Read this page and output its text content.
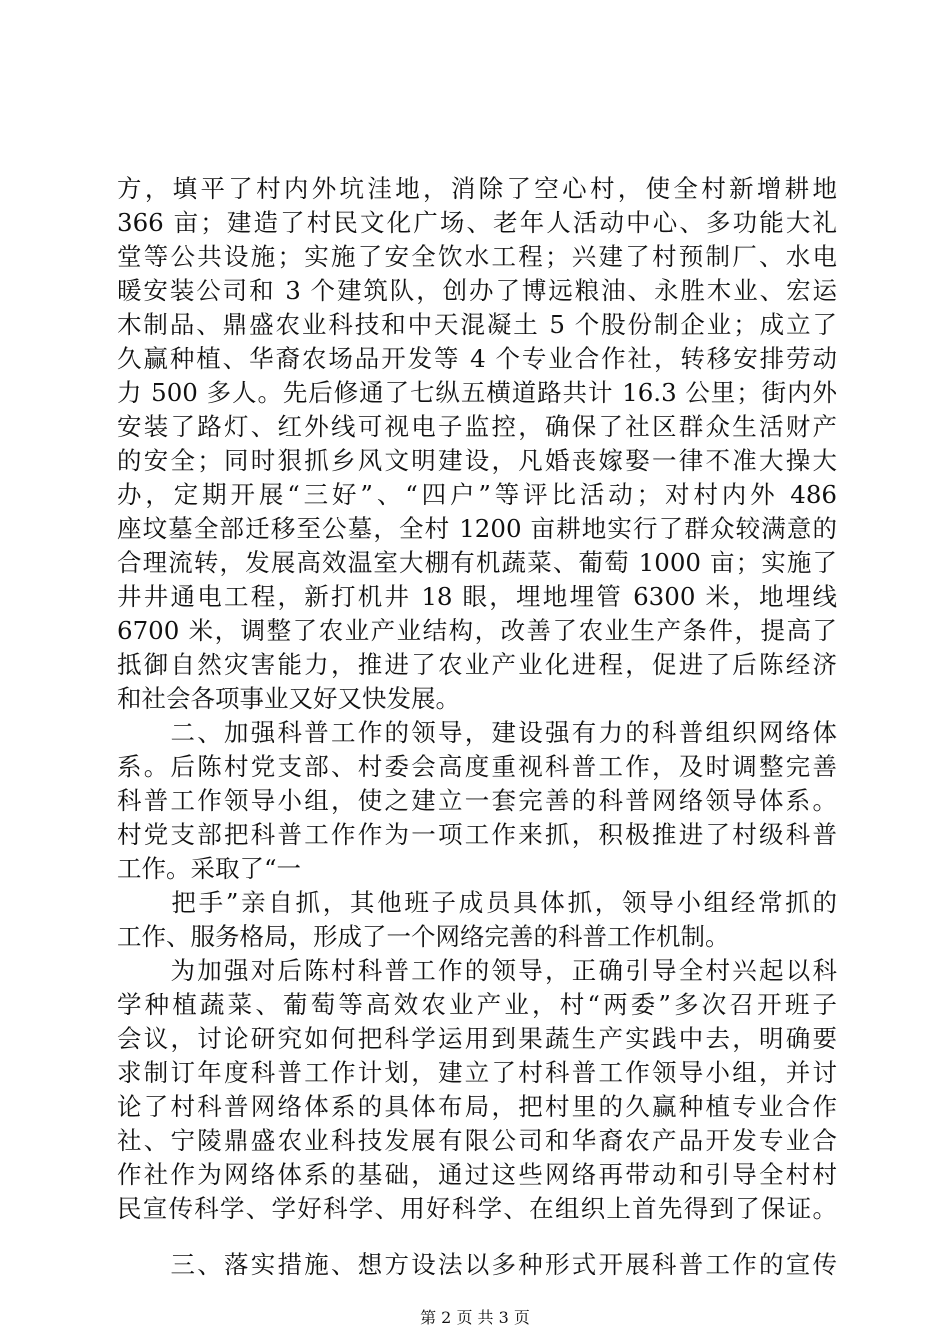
方，填平了村内外坑洼地，消除了空心村，使全村新增耕地
366 亩；建造了村民文化广场、老年人活动中心、多功能大礼
堂等公共设施；实施了安全饮水工程；兴建了村预制厂、水电
暖安装公司和 3 个建筑队，创办了博远粮油、永胜木业、宏运
木制品、鼎盛农业科技和中天混凝土 5 个股份制企业；成立了
久赢种植、华裔农场品开发等 4 个专业合作社，转移安排劳动
力 500 多人。先后修通了七纵五横道路共计 16.3 公里；街内外
安装了路灯、红外线可视电子监控，确保了社区群众生活财产
的安全；同时狠抓乡风文明建设，凡婚丧嫁娶一律不准大操大
办，定期开展“三好”、“四户”等评比活动；对村内外 486
座坟墓全部迁移至公墓，全村 1200 亩耕地实行了群众较满意的
合理流转，发展高效温室大棚有机蔬菜、葡萄 1000 亩；实施了
井井通电工程，新打机井 18 眼，埋地埋管 6300 米，地埋线
6700 米，调整了农业产业结构，改善了农业生产条件，提高了
抵御自然灾害能力，推进了农业产业化进程，促进了后陈经济
和社会各项事业又好又快发展。
　　二、加强科普工作的领导，建设强有力的科普组织网络体
系。后陈村党支部、村委会高度重视科普工作，及时调整完善
科普工作领导小组，使之建立一套完善的科普网络领导体系。
村党支部把科普工作作为一项工作来抓，积极推进了村级科普
工作。采取了“一
　　把手”亲自抓，其他班子成员具体抓，领导小组经常抓的
工作、服务格局，形成了一个网络完善的科普工作机制。
　　为加强对后陈村科普工作的领导，正确引导全村兴起以科
学种植蔬菜、葡萄等高效农业产业，村“两委”多次召开班子
会议，讨论研究如何把科学运用到果蔬生产实践中去，明确要
求制订年度科普工作计划，建立了村科普工作领导小组，并讨
论了村科普网络体系的具体布局，把村里的久赢种植专业合作
社、宁陵鼎盛农业科技发展有限公司和华裔农产品开发专业合
作社作为网络体系的基础，通过这些网络再带动和引导全村村
民宣传科学、学好科学、用好科学、在组织上首先得到了保证。
　　三、落实措施、想方设法以多种形式开展科普工作的宣传
第 2 页 共 3 页
